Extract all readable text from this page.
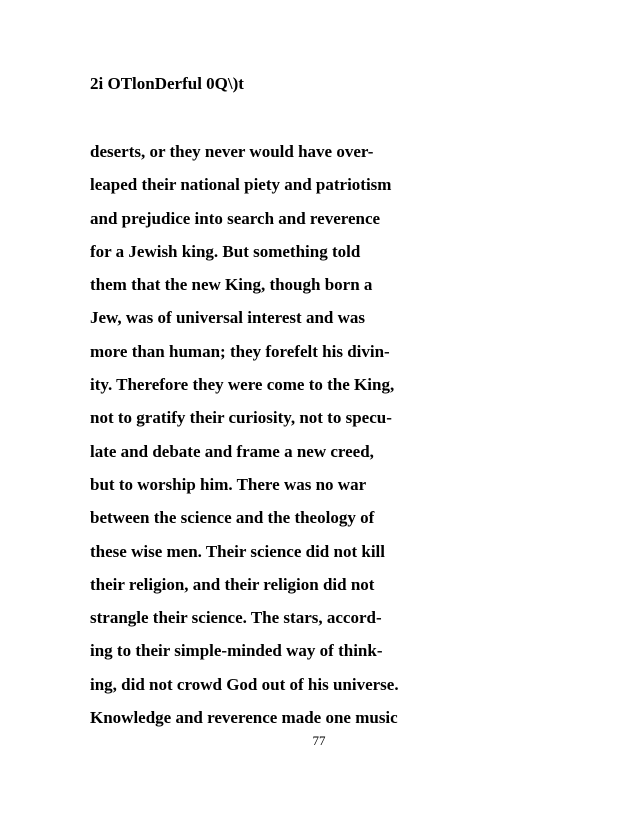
2i OTlonDerful 0Q\)t
deserts, or they never would have over-
leaped their national piety and patriotism
and prejudice into search and reverence
for a Jewish king. But something told
them that the new King, though born a
Jew, was of universal interest and was
more than human; they forefelt his divin-
ity. Therefore they were come to the King,
not to gratify their curiosity, not to specu-
late and debate and frame a new creed,
but to worship him. There was no war
between the science and the theology of
these wise men. Their science did not kill
their religion, and their religion did not
strangle their science. The stars, accord-
ing to their simple-minded way of think-
ing, did not crowd God out of his universe.
Knowledge and reverence made one music
77
